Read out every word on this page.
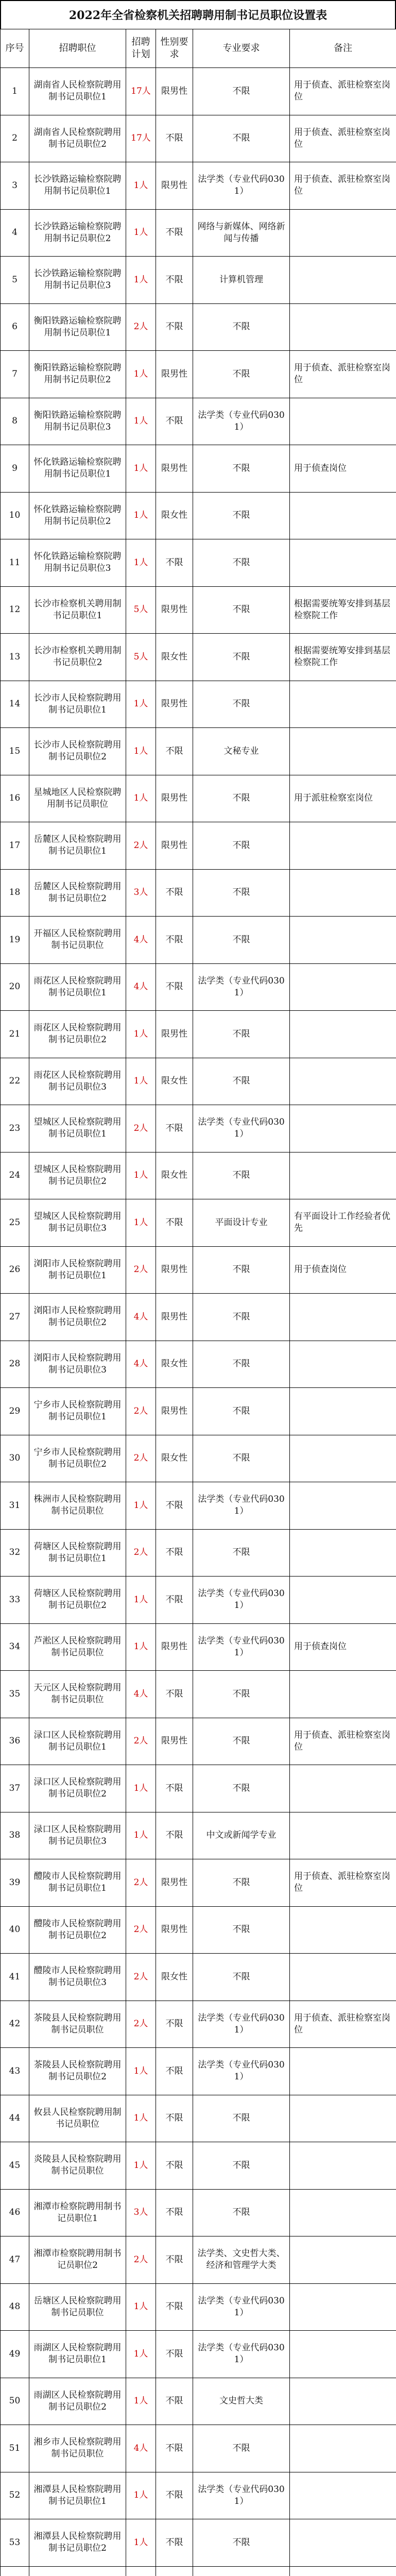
2022年全省检察机关招聘聘用制书记员职位设置表
序号	招聘职位	招聘计划	性别要求	专业要求	备注
1	湖南省人民检察院聘用制书记员职位1	17人	限男性	不限	用于侦查、派驻检察室岗位
2	湖南省人民检察院聘用制书记员职位2	17人	不限	不限	用于侦查、派驻检察室岗位
3	长沙铁路运输检察院聘用制书记员职位1	1人	限男性	法学类（专业代码0301）	用于侦查、派驻检察室岗位
4	长沙铁路运输检察院聘用制书记员职位2	1人	不限	网络与新媒体、网络新闻与传播	
5	长沙铁路运输检察院聘用制书记员职位3	1人	不限	计算机管理	
6	衡阳铁路运输检察院聘用制书记员职位1	2人	不限	不限	
7	衡阳铁路运输检察院聘用制书记员职位2	1人	限男性	不限	用于侦查、派驻检察室岗位
8	衡阳铁路运输检察院聘用制书记员职位3	1人	不限	法学类（专业代码0301）	
9	怀化铁路运输检察院聘用制书记员职位1	1人	限男性	不限	用于侦查岗位
10	怀化铁路运输检察院聘用制书记员职位2	1人	限女性	不限	
11	怀化铁路运输检察院聘用制书记员职位3	1人	不限	不限	
12	长沙市检察机关聘用制书记员职位1	5人	限男性	不限	根据需要统筹安排到基层检察院工作
13	长沙市检察机关聘用制书记员职位2	5人	限女性	不限	根据需要统筹安排到基层检察院工作
14	长沙市人民检察院聘用制书记员职位1	1人	限男性	不限	
15	长沙市人民检察院聘用制书记员职位2	1人	不限	文秘专业	
16	星城地区人民检察院聘用制书记员职位	1人	限男性	不限	用于派驻检察室岗位
17	岳麓区人民检察院聘用制书记员职位1	2人	限男性	不限	
18	岳麓区人民检察院聘用制书记员职位2	3人	不限	不限	
19	开福区人民检察院聘用制书记员职位	4人	不限	不限	
20	雨花区人民检察院聘用制书记员职位1	4人	不限	法学类（专业代码0301）	
21	雨花区人民检察院聘用制书记员职位2	1人	限男性	不限	
22	雨花区人民检察院聘用制书记员职位3	1人	限女性	不限	
23	望城区人民检察院聘用制书记员职位1	2人	不限	法学类（专业代码0301）	
24	望城区人民检察院聘用制书记员职位2	1人	限女性	不限	
25	望城区人民检察院聘用制书记员职位3	1人	不限	平面设计专业	有平面设计工作经验者优先
26	浏阳市人民检察院聘用制书记员职位1	2人	限男性	不限	用于侦查岗位
27	浏阳市人民检察院聘用制书记员职位2	4人	限男性	不限	
28	浏阳市人民检察院聘用制书记员职位3	4人	限女性	不限	
29	宁乡市人民检察院聘用制书记员职位1	2人	限男性	不限	
30	宁乡市人民检察院聘用制书记员职位2	2人	限女性	不限	
31	株洲市人民检察院聘用制书记员职位	1人	不限	法学类（专业代码0301）	
32	荷塘区人民检察院聘用制书记员职位1	2人	不限	不限	
33	荷塘区人民检察院聘用制书记员职位2	1人	不限	法学类（专业代码0301）	
34	芦淞区人民检察院聘用制书记员职位	1人	限男性	法学类（专业代码0301）	用于侦查岗位
35	天元区人民检察院聘用制书记员职位	4人	不限	不限	
36	渌口区人民检察院聘用制书记员职位1	2人	限男性	不限	用于侦查、派驻检察室岗位
37	渌口区人民检察院聘用制书记员职位2	1人	不限	不限	
38	渌口区人民检察院聘用制书记员职位3	1人	不限	中文或新闻学专业	
39	醴陵市人民检察院聘用制书记员职位1	2人	限男性	不限	用于侦查、派驻检察室岗位
40	醴陵市人民检察院聘用制书记员职位2	2人	限男性	不限	
41	醴陵市人民检察院聘用制书记员职位3	2人	限女性	不限	
42	茶陵县人民检察院聘用制书记员职位	2人	不限	法学类（专业代码0301）	用于侦查、派驻检察室岗位
43	茶陵县人民检察院聘用制书记员职位2	1人	不限	法学类（专业代码0301）	
44	攸县人民检察院聘用制书记员职位	1人	不限	不限	
45	炎陵县人民检察院聘用制书记员职位	1人	不限	不限	
46	湘潭市检察院聘用制书记员职位1	3人	不限	不限	
47	湘潭市检察院聘用制书记员职位2	2人	不限	法学类、文史哲大类、经济和管理学大类	
48	岳塘区人民检察院聘用制书记员职位	1人	不限	法学类（专业代码0301）	
49	雨湖区人民检察院聘用制书记员职位1	1人	不限	法学类（专业代码0301）	
50	雨湖区人民检察院聘用制书记员职位2	1人	不限	文史哲大类	
51	湘乡市人民检察院聘用制书记员职位	4人	不限	不限	
52	湘潭县人民检察院聘用制书记员职位1	1人	不限	法学类（专业代码0301）	
53	湘潭县人民检察院聘用制书记员职位2	1人	不限	不限	
